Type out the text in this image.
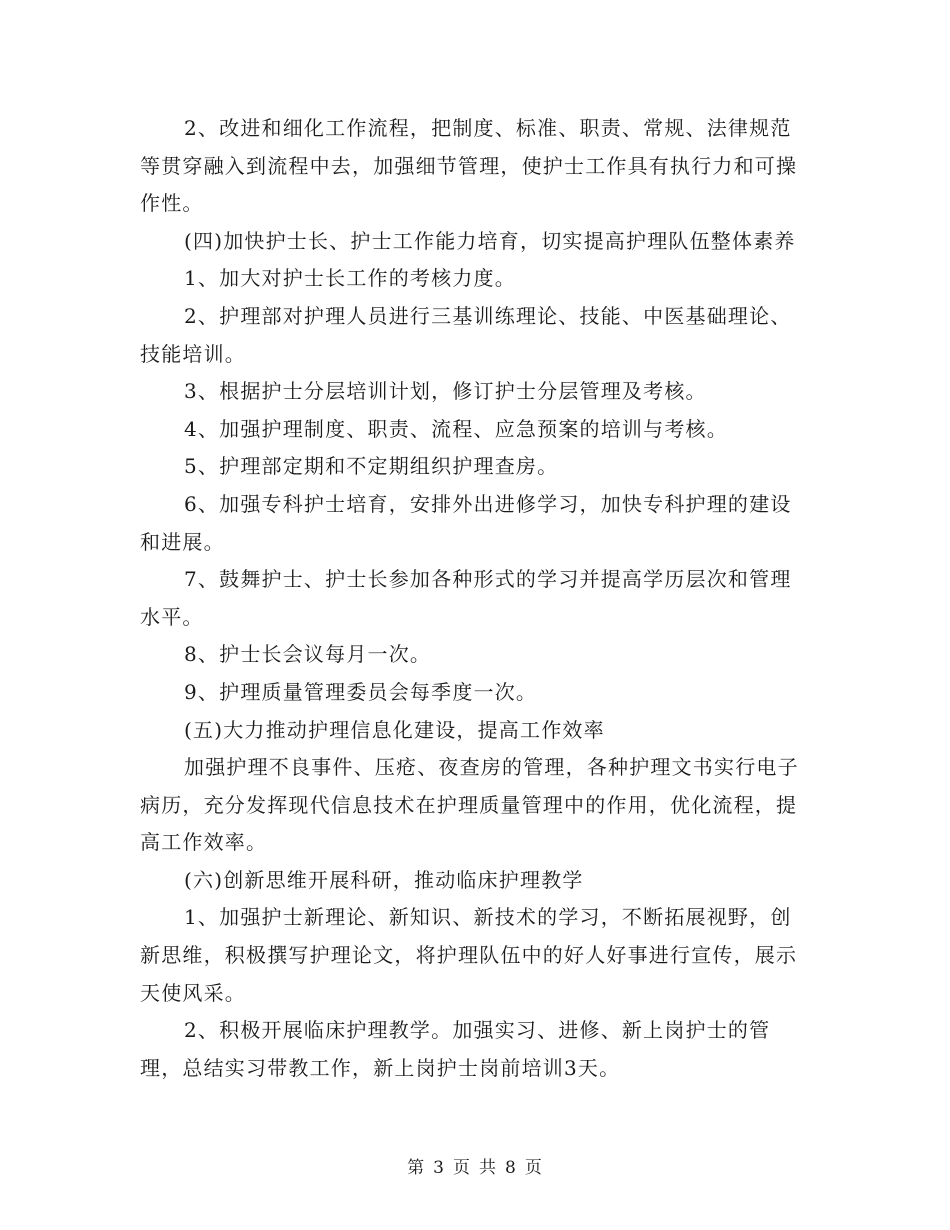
2、改进和细化工作流程，把制度、标准、职责、常规、法律规范等贯穿融入到流程中去，加强细节管理，使护士工作具有执行力和可操作性。

(四)加快护士长、护士工作能力培育，切实提高护理队伍整体素养

1、加大对护士长工作的考核力度。

2、护理部对护理人员进行三基训练理论、技能、中医基础理论、技能培训。

3、根据护士分层培训计划，修订护士分层管理及考核。

4、加强护理制度、职责、流程、应急预案的培训与考核。

5、护理部定期和不定期组织护理查房。

6、加强专科护士培育，安排外出进修学习，加快专科护理的建设和进展。

7、鼓舞护士、护士长参加各种形式的学习并提高学历层次和管理水平。

8、护士长会议每月一次。

9、护理质量管理委员会每季度一次。

(五)大力推动护理信息化建设，提高工作效率

加强护理不良事件、压疮、夜查房的管理，各种护理文书实行电子病历，充分发挥现代信息技术在护理质量管理中的作用，优化流程，提高工作效率。

(六)创新思维开展科研，推动临床护理教学

1、加强护士新理论、新知识、新技术的学习，不断拓展视野，创新思维，积极撰写护理论文，将护理队伍中的好人好事进行宣传，展示天使风采。

2、积极开展临床护理教学。加强实习、进修、新上岗护士的管理，总结实习带教工作，新上岗护士岗前培训3天。

第 3 页 共 8 页
